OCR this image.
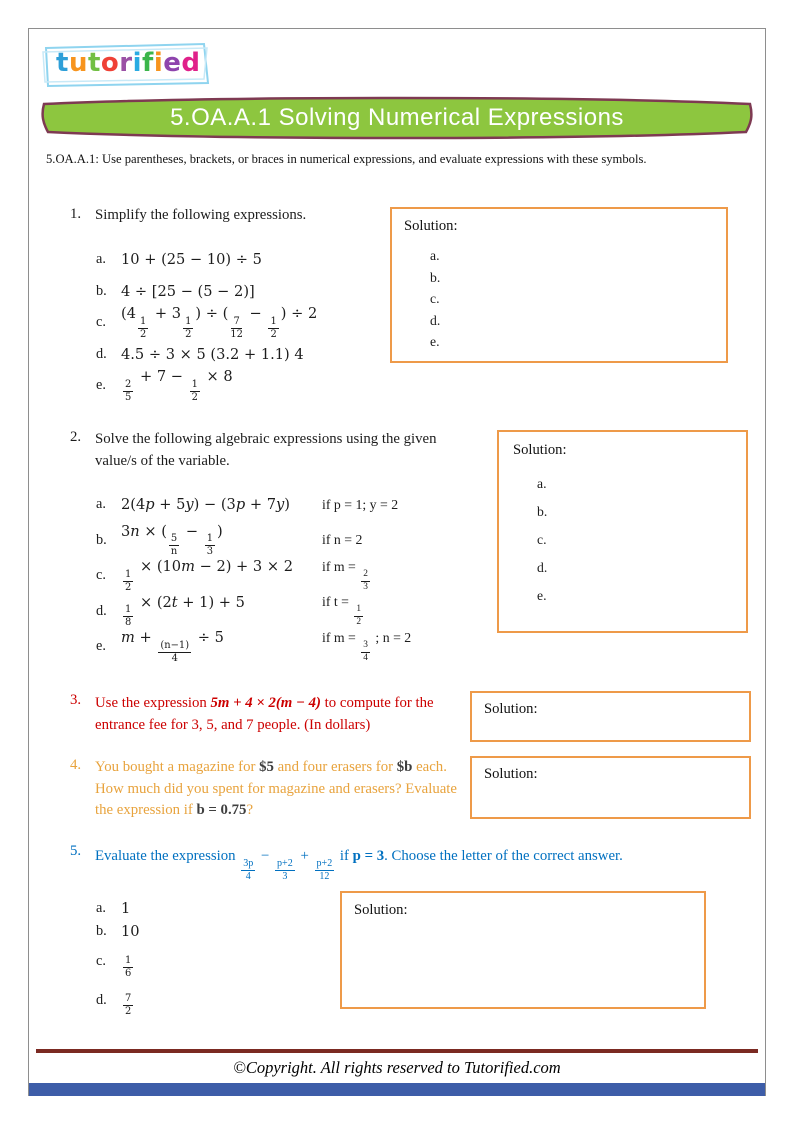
tutorified
5.OA.A.1 Solving Numerical Expressions
5.OA.A.1: Use parentheses, brackets, or braces in numerical expressions, and evaluate expressions with these symbols.
1. Simplify the following expressions.
a.	10 + (25 − 10) ÷ 5
b. 4 ÷ [25 − (5 − 2)]
c.
(4
$\frac{1}{2}$
+ 3
$\frac{1}{2}$
) ÷ (
$\frac{7}{12}$
−
$\frac{1}{2}$
) ÷ 2
d. 4.5 ÷ 3 × 5 (3.2 + 1.1) 4
e.	$\frac{2}{5}$
+ 7 −
$\frac{1}{2}$
× 8
Solution:
a.
b.
c.
d.
e.
2. Solve the following algebraic expressions using the given value/s of the variable.
a.	2(4p + 5y) − (3p + 7y) if p = 1; y = 2
b.
3n × (
$\frac{5}{n}$
−
$\frac{1}{3}$
)
if n = 2
c.	$\frac{1}{2}$
× (10m − 2) + 3 × 2 if m =
$\frac{2}{3}$
d.	$\frac{1}{8}$
× (2t + 1) + 5	if t =
$\frac{1}{2}$
e.
m +
$\frac{(n-1)}{4}$
÷ 5	if m =
$\frac{3}{4}$
; n = 2
Solution:
a.
b.
c.
d.
e.
3. Use the expression 5m + 4 × 2(m − 4) to compute for the entrance fee for 3, 5, and 7 people. (In dollars)
Solution:
4. You bought a magazine for $5 and four erasers for $b each. How much did you spent for magazine and erasers? Evaluate the expression if b = 0.75?
Solution:
5. Evaluate the expression
$\frac{3p}{4}$
−
$\frac{p+2}{3}$
+
$\frac{p+2}{12}$
if p = 3. Choose the letter of the correct answer.
a.	1
b. 10
c.	$\frac{1}{6}$
d.	$\frac{7}{2}$
Solution:
©Copyright. All rights reserved to Tutorified.com
